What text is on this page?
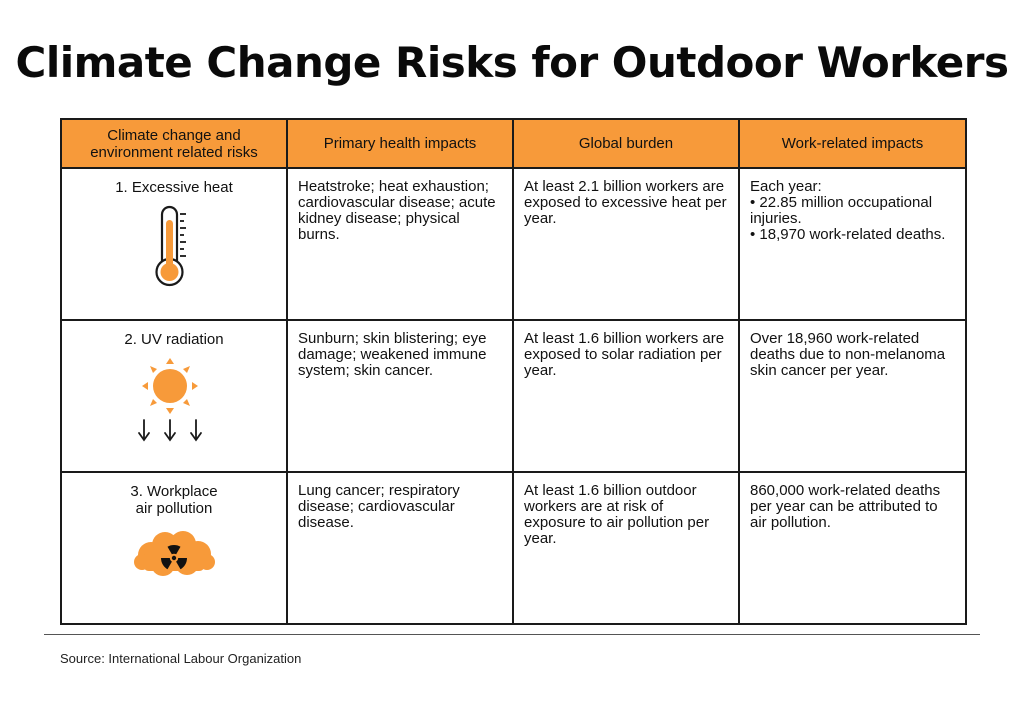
Climate Change Risks for Outdoor Workers
Climate change and environment related risks	Primary health impacts	Global burden	Work-related impacts

1. Excessive heat	Heatstroke; heat exhaustion; cardiovascular disease; acute kidney disease; physical burns.	At least 2.1 billion workers are exposed to excessive heat per year.	Each year:
• 22.85 million occupational injuries.
• 18,970 work-related deaths.

2. UV radiation	Sunburn; skin blistering; eye damage; weakened immune system; skin cancer.	At least 1.6 billion workers are exposed to solar radiation per year.	Over 18,960 work-related deaths due to non-melanoma skin cancer per year.

3. Workplace
air pollution	Lung cancer; respiratory disease; cardiovascular disease.	At least 1.6 billion outdoor workers are at risk of exposure to air pollution per year.	860,000 work-related deaths per year can be attributed to air pollution.
Source: International Labour Organization
